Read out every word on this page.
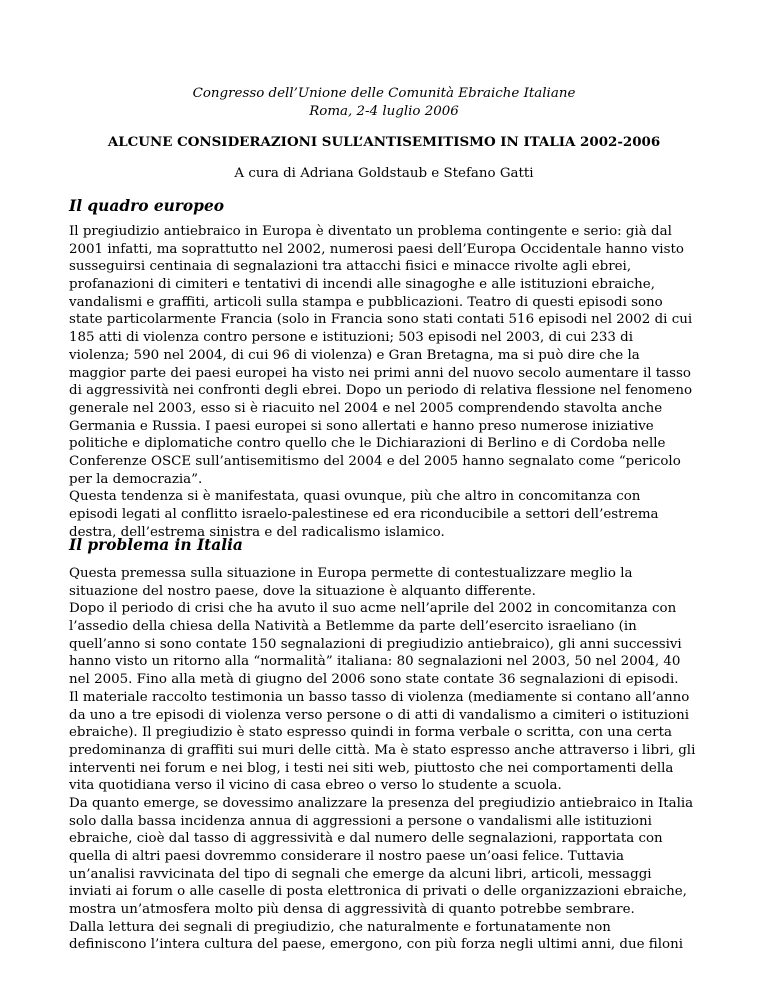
Congresso dell’Unione delle Comunità Ebraiche Italiane
Roma, 2-4 luglio 2006
ALCUNE CONSIDERAZIONI SULL’ANTISEMITISMO IN ITALIA 2002-2006
A cura di Adriana Goldstaub e Stefano Gatti
Il quadro europeo
Il pregiudizio antiebraico in Europa è diventato un problema contingente e serio: già dal
2001 infatti, ma soprattutto nel 2002, numerosi paesi dell’Europa Occidentale hanno visto
susseguirsi centinaia di segnalazioni tra attacchi fisici e minacce rivolte agli ebrei,
profanazioni di cimiteri e tentativi di incendi alle sinagoghe e alle istituzioni ebraiche,
vandalismi e graffiti, articoli sulla stampa e pubblicazioni. Teatro di questi episodi sono
state particolarmente Francia (solo in Francia sono stati contati 516 episodi nel 2002 di cui
185 atti di violenza contro persone e istituzioni; 503 episodi nel 2003, di cui 233 di
violenza; 590 nel 2004, di cui 96 di violenza) e Gran Bretagna, ma si può dire che la
maggior parte dei paesi europei ha visto nei primi anni del nuovo secolo aumentare il tasso
di aggressività nei confronti degli ebrei. Dopo un periodo di relativa flessione nel fenomeno
generale nel 2003, esso si è riacuito nel 2004 e nel 2005 comprendendo stavolta anche
Germania e Russia. I paesi europei si sono allertati e hanno preso numerose iniziative
politiche e diplomatiche contro quello che le Dichiarazioni di Berlino e di Cordoba nelle
Conferenze OSCE sull’antisemitismo del 2004 e del 2005 hanno segnalato come “pericolo
per la democrazia”.
Questa tendenza si è manifestata, quasi ovunque, più che altro in concomitanza con
episodi legati al conflitto israelo-palestinese ed era riconducibile a settori dell’estrema
destra, dell’estrema sinistra e del radicalismo islamico.
Il problema in Italia
Questa premessa sulla situazione in Europa permette di contestualizzare meglio la
situazione del nostro paese, dove la situazione è alquanto differente.
Dopo il periodo di crisi che ha avuto il suo acme nell’aprile del 2002 in concomitanza con
l’assedio della chiesa della Natività a Betlemme da parte dell’esercito israeliano (in
quell’anno si sono contate 150 segnalazioni di pregiudizio antiebraico), gli anni successivi
hanno visto un ritorno alla “normalità” italiana: 80 segnalazioni nel 2003, 50 nel 2004, 40
nel 2005. Fino alla metà di giugno del 2006 sono state contate 36 segnalazioni di episodi.
Il materiale raccolto testimonia un basso tasso di violenza (mediamente si contano all’anno
da uno a tre episodi di violenza verso persone o di atti di vandalismo a cimiteri o istituzioni
ebraiche). Il pregiudizio è stato espresso quindi in forma verbale o scritta, con una certa
predominanza di graffiti sui muri delle città. Ma è stato espresso anche attraverso i libri, gli
interventi nei forum e nei blog, i testi nei siti web, piuttosto che nei comportamenti della
vita quotidiana verso il vicino di casa ebreo o verso lo studente a scuola.
Da quanto emerge, se dovessimo analizzare la presenza del pregiudizio antiebraico in Italia
solo dalla bassa incidenza annua di aggressioni a persone o vandalismi alle istituzioni
ebraiche, cioè dal tasso di aggressività e dal numero delle segnalazioni, rapportata con
quella di altri paesi dovremmo considerare il nostro paese un’oasi felice. Tuttavia
un’analisi ravvicinata del tipo di segnali che emerge da alcuni libri, articoli, messaggi
inviati ai forum o alle caselle di posta elettronica di privati o delle organizzazioni ebraiche,
mostra un’atmosfera molto più densa di aggressività di quanto potrebbe sembrare.
Dalla lettura dei segnali di pregiudizio, che naturalmente e fortunatamente non
definiscono l’intera cultura del paese, emergono, con più forza negli ultimi anni, due filoni
